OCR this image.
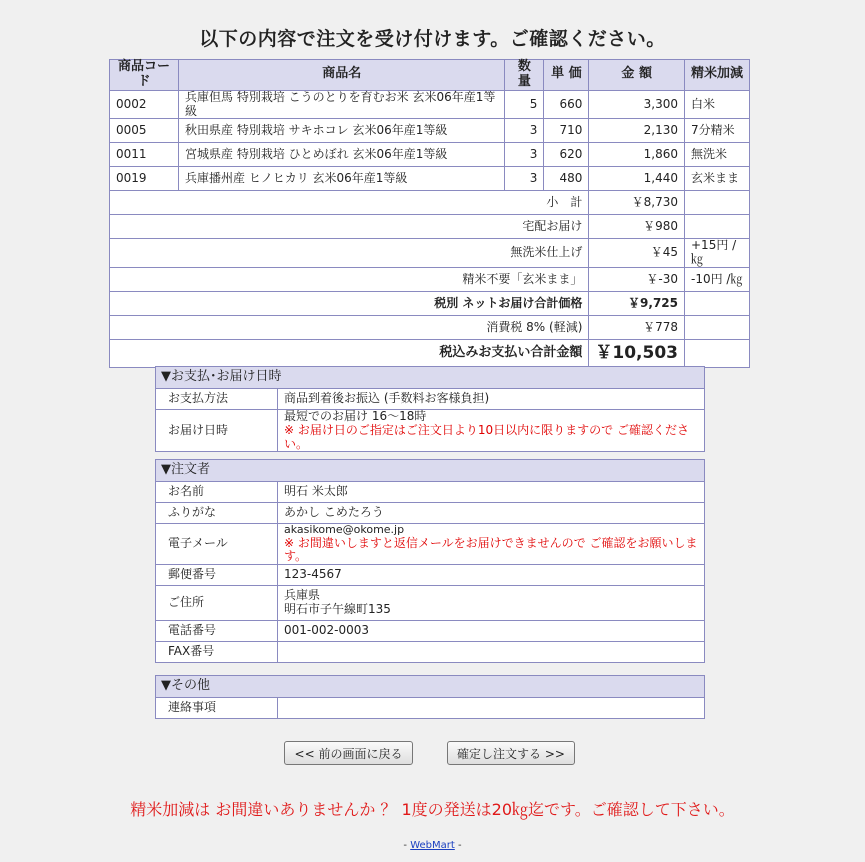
以下の内容で注文を受け付けます。ご確認ください。
商品コード	商品名	数 量	単 価	金 額	精米加減
0002	兵庫但馬 特別栽培 こうのとりを育むお米 玄米06年産1等級	5	660	3,300	白米
0005	秋田県産 特別栽培 サキホコレ 玄米06年産1等級	3	710	2,130	7分精米
0011	宮城県産 特別栽培 ひとめぼれ 玄米06年産1等級	3	620	1,860	無洗米
0019	兵庫播州産 ヒノヒカリ 玄米06年産1等級	3	480	1,440	玄米まま
小　計				￥8,730	
宅配お届け				￥980	
無洗米仕上げ				￥45	+15円 /㎏
精米不要「玄米まま」				￥-30	-10円 /㎏
税別 ネットお届け合計価格				￥9,725	
消費税 8% (軽減)				￥778	
税込みお支払い合計金額				￥10,503	
▼お支払･お届け日時	
お支払方法	商品到着後お振込 (手数料お客様負担)
お届け日時	最短でのお届け 16～18時
※ お届け日のご指定はご注文日より10日以内に限りますので ご確認ください。
▼注文者	
お名前	明石 米太郎
ふりがな	あかし こめたろう
電子メール	akasikome@okome.jp
※ お間違いしますと返信メールをお届けできませんので ご確認をお願いします。

郵便番号	123-4567
ご住所	兵庫県
明石市子午線町135

電話番号	001-002-0003
FAX番号	
▼その他
連絡事項	
<< 前の画面に戻る	確定し注文する >>
精米加減は お間違いありませんか ？ 1度の発送は20㎏迄です。ご確認して下さい。
- WebMart -
